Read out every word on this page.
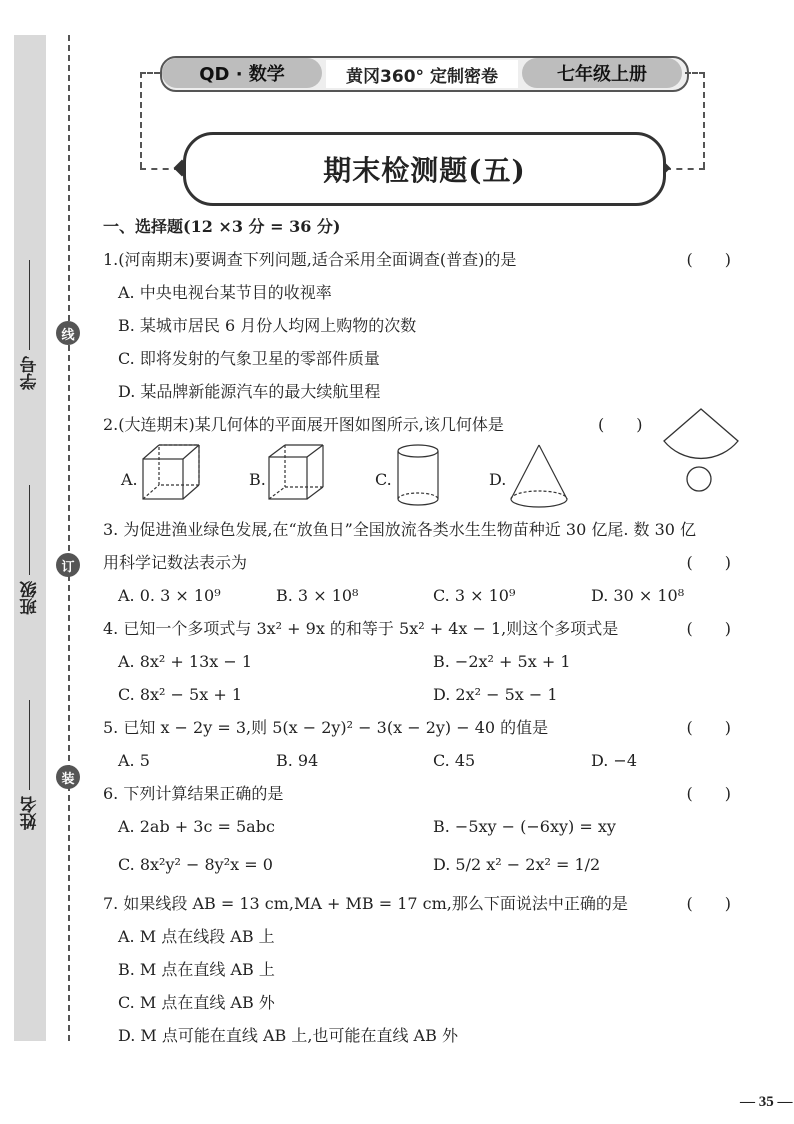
学号
班级
姓名
线
订
装
QD · 数学	黄冈360° 定制密卷	七年级上册
期末检测题(五)
一、选择题(12 ×3 分 = 36 分)
1.(河南期末)要调查下列问题,适合采用全面调查(普查)的是	(　　)
A. 中央电视台某节目的收视率
B. 某城市居民 6 月份人均网上购物的次数
C. 即将发射的气象卫星的零部件质量
D. 某品牌新能源汽车的最大续航里程
2.(大连期末)某几何体的平面展开图如图所示,该几何体是	(　　)
A.	B.	C.	D.
3. 为促进渔业绿色发展,在“放鱼日”全国放流各类水生生物苗种近 30 亿尾. 数 30 亿
用科学记数法表示为	(　　)
A. 0. 3 × 10⁹	B. 3 × 10⁸	C. 3 × 10⁹	D. 30 × 10⁸
4. 已知一个多项式与 3x² + 9x 的和等于 5x² + 4x − 1,则这个多项式是	(　　)
A. 8x² + 13x − 1	B. −2x² + 5x + 1
C. 8x² − 5x + 1	D. 2x² − 5x − 1
5. 已知 x − 2y = 3,则 5(x − 2y)² − 3(x − 2y) − 40 的值是	(　　)
A. 5	B. 94	C. 45	D. −4
6. 下列计算结果正确的是	(　　)
A. 2ab + 3c = 5abc	B. −5xy − (−6xy) = xy
C. 8x²y² − 8y²x = 0	D. 5/2 x² − 2x² = 1/2
7. 如果线段 AB = 13 cm,MA + MB = 17 cm,那么下面说法中正确的是	(　　)
A. M 点在线段 AB 上
B. M 点在直线 AB 上
C. M 点在直线 AB 外
D. M 点可能在直线 AB 上,也可能在直线 AB 外
— 35 —
